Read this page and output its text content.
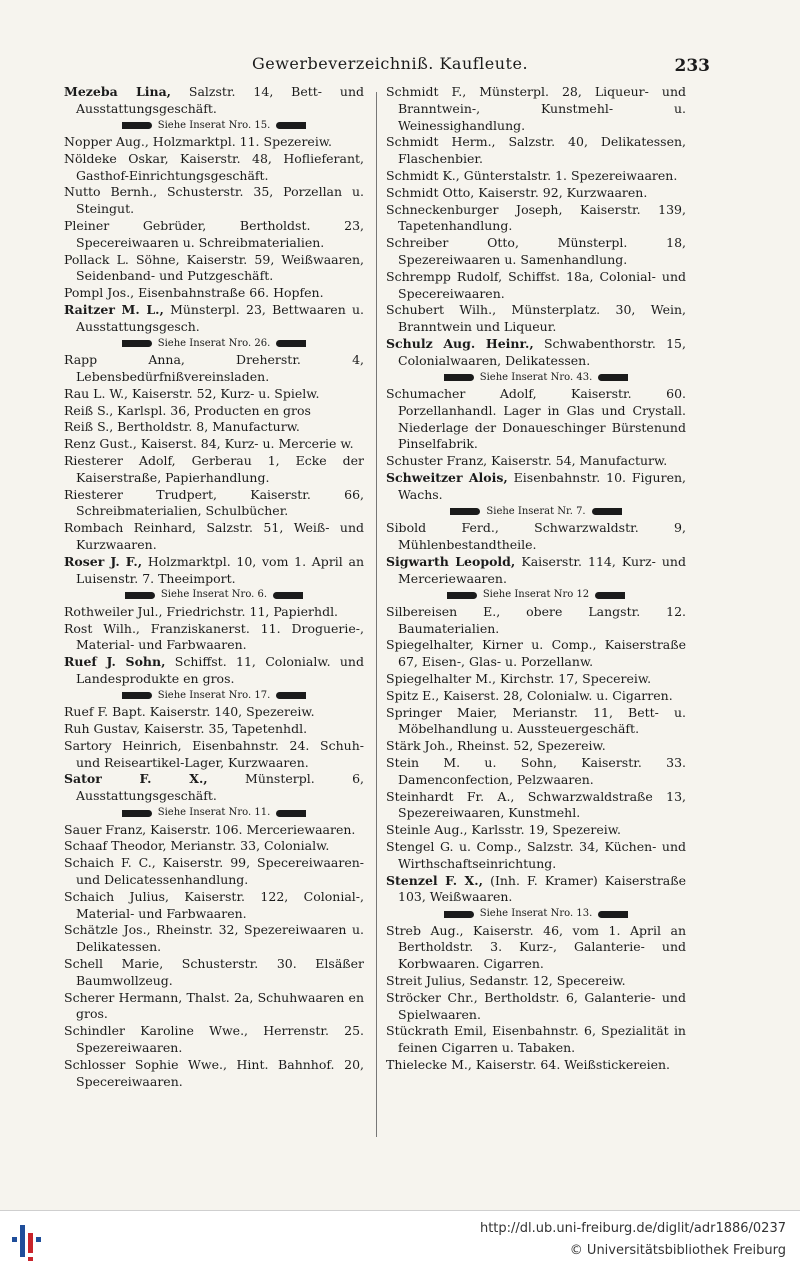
Gewerbeverzeichniß. Kaufleute.	233
Mezeba Lina, Salzstr. 14, Bett- und Ausstattungsgeschäft.
Siehe Inserat Nro. 15.
Nopper Aug., Holzmarktpl. 11. Spezereiw.
Nöldeke Oskar, Kaiserstr. 48, Hoflieferant, Gasthof-Einrichtungsgeschäft.
Nutto Bernh., Schusterstr. 35, Porzellan u. Steingut.
Pleiner Gebrüder, Bertholdst. 23, Specereiwaaren u. Schreibmaterialien.
Pollack L. Söhne, Kaiserstr. 59, Weißwaaren, Seidenband- und Putzgeschäft.
Pompl Jos., Eisenbahnstraße 66. Hopfen.
Raitzer M. L., Münsterpl. 23, Bettwaaren u. Ausstattungsgesch.
Siehe Inserat Nro. 26.
Rapp Anna, Dreherstr. 4, Lebensbedürfnißvereinsladen.
Rau L. W., Kaiserstr. 52, Kurz- u. Spielw.
Reiß S., Karlspl. 36, Producten en gros
Reiß S., Bertholdstr. 8, Manufacturw.
Renz Gust., Kaiserst. 84, Kurz- u. Mercerie w.
Riesterer Adolf, Gerberau 1, Ecke der Kaiserstraße, Papierhandlung.
Riesterer Trudpert, Kaiserstr. 66, Schreibmaterialien, Schulbücher.
Rombach Reinhard, Salzstr. 51, Weiß- und Kurzwaaren.
Roser J. F., Holzmarktpl. 10, vom 1. April an Luisenstr. 7. Theeimport.
Siehe Inserat Nro. 6.
Rothweiler Jul., Friedrichstr. 11, Papierhdl.
Rost Wilh., Franziskanerst. 11. Droguerie-, Material- und Farbwaaren.
Ruef J. Sohn, Schiffst. 11, Colonialw. und Landesprodukte en gros.
Siehe Inserat Nro. 17.
Ruef F. Bapt. Kaiserstr. 140, Spezereiw.
Ruh Gustav, Kaiserstr. 35, Tapetenhdl.
Sartory Heinrich, Eisenbahnstr. 24. Schuh- und Reiseartikel-Lager, Kurzwaaren.
Sator F. X., Münsterpl. 6, Ausstattungsgeschäft.
Siehe Inserat Nro. 11.
Sauer Franz, Kaiserstr. 106. Merceriewaaren.
Schaaf Theodor, Merianstr. 33, Colonialw.
Schaich F. C., Kaiserstr. 99, Specereiwaaren- und Delicatessenhandlung.
Schaich Julius, Kaiserstr. 122, Colonial-, Material- und Farbwaaren.
Schätzle Jos., Rheinstr. 32, Spezereiwaaren u. Delikatessen.
Schell Marie, Schusterstr. 30. Elsäßer Baumwollzeug.
Scherer Hermann, Thalst. 2a, Schuhwaaren en gros.
Schindler Karoline Wwe., Herrenstr. 25. Spezereiwaaren.
Schlosser Sophie Wwe., Hint. Bahnhof. 20, Specereiwaaren.
Schmidt F., Münsterpl. 28, Liqueur- und Branntwein-, Kunstmehl- u. Weinessighandlung.
Schmidt Herm., Salzstr. 40, Delikatessen, Flaschenbier.
Schmidt K., Günterstalstr. 1. Spezereiwaaren.
Schmidt Otto, Kaiserstr. 92, Kurzwaaren.
Schneckenburger Joseph, Kaiserstr. 139, Tapetenhandlung.
Schreiber Otto, Münsterpl. 18, Spezereiwaaren u. Samenhandlung.
Schrempp Rudolf, Schiffst. 18a, Colonial- und Specereiwaaren.
Schubert Wilh., Münsterplatz. 30, Wein, Branntwein und Liqueur.
Schulz Aug. Heinr., Schwabenthorstr. 15, Colonialwaaren, Delikatessen.
Siehe Inserat Nro. 43.
Schumacher Adolf, Kaiserstr. 60. Porzellanhandl. Lager in Glas und Crystall. Niederlage der Donaueschinger Bürstenund Pinselfabrik.
Schuster Franz, Kaiserstr. 54, Manufacturw.
Schweitzer Alois, Eisenbahnstr. 10. Figuren, Wachs.
Siehe Inserat Nr. 7.
Sibold Ferd., Schwarzwaldstr. 9, Mühlenbestandtheile.
Sigwarth Leopold, Kaiserstr. 114, Kurz- und Merceriewaaren.
Siehe Inserat Nro 12
Silbereisen E., obere Langstr. 12. Baumaterialien.
Spiegelhalter, Kirner u. Comp., Kaiserstraße 67, Eisen-, Glas- u. Porzellanw.
Spiegelhalter M., Kirchstr. 17, Specereiw.
Spitz E., Kaiserst. 28, Colonialw. u. Cigarren.
Springer Maier, Merianstr. 11, Bett- u. Möbelhandlung u. Aussteuergeschäft.
Stärk Joh., Rheinst. 52, Spezereiw.
Stein M. u. Sohn, Kaiserstr. 33. Damenconfection, Pelzwaaren.
Steinhardt Fr. A., Schwarzwaldstraße 13, Spezereiwaaren, Kunstmehl.
Steinle Aug., Karlsstr. 19, Spezereiw.
Stengel G. u. Comp., Salzstr. 34, Küchen- und Wirthschaftseinrichtung.
Stenzel F. X., (Inh. F. Kramer) Kaiserstraße 103, Weißwaaren.
Siehe Inserat Nro. 13.
Streb Aug., Kaiserstr. 46, vom 1. April an Bertholdstr. 3. Kurz-, Galanterie- und Korbwaaren. Cigarren.
Streit Julius, Sedanstr. 12, Specereiw.
Ströcker Chr., Bertholdstr. 6, Galanterie- und Spielwaaren.
Stückrath Emil, Eisenbahnstr. 6, Spezialität in feinen Cigarren u. Tabaken.
Thielecke M., Kaiserstr. 64. Weißstickereien.
http://dl.ub.uni-freiburg.de/diglit/adr1886/0237
© Universitätsbibliothek Freiburg
